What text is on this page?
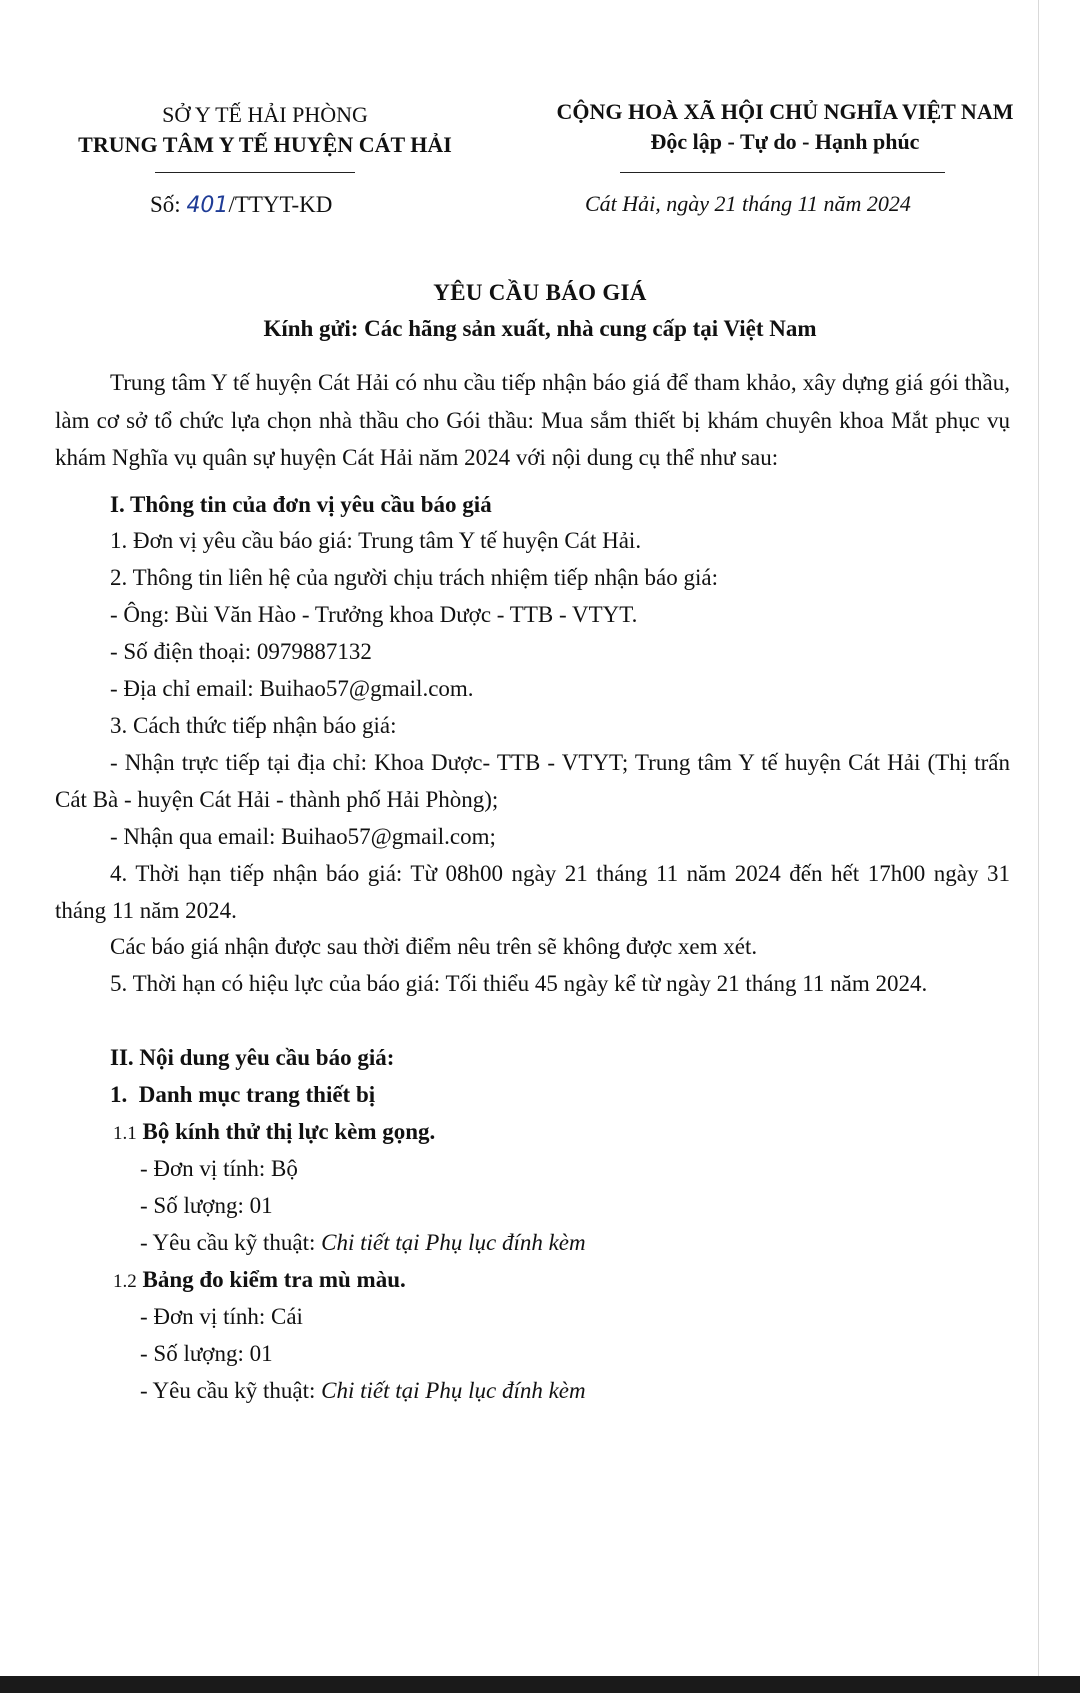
SỞ Y TẾ HẢI PHÒNG
TRUNG TÂM Y TẾ HUYỆN CÁT HẢI
CỘNG HOÀ XÃ HỘI CHỦ NGHĨA VIỆT NAM
Độc lập - Tự do - Hạnh phúc
Số: 401/TTYT-KD	Cát Hải, ngày 21 tháng 11 năm 2024
YÊU CẦU BÁO GIÁ
Kính gửi: Các hãng sản xuất, nhà cung cấp tại Việt Nam

Trung tâm Y tế huyện Cát Hải có nhu cầu tiếp nhận báo giá để tham khảo, xây dựng giá gói thầu, làm cơ sở tổ chức lựa chọn nhà thầu cho Gói thầu: Mua sắm thiết bị khám chuyên khoa Mắt phục vụ khám Nghĩa vụ quân sự huyện Cát Hải năm 2024 với nội dung cụ thể như sau:

I. Thông tin của đơn vị yêu cầu báo giá
1. Đơn vị yêu cầu báo giá: Trung tâm Y tế huyện Cát Hải.
2. Thông tin liên hệ của người chịu trách nhiệm tiếp nhận báo giá:
- Ông: Bùi Văn Hào - Trưởng khoa Dược - TTB - VTYT.
- Số điện thoại: 0979887132
- Địa chỉ email: Buihao57@gmail.com.
3. Cách thức tiếp nhận báo giá:

- Nhận trực tiếp tại địa chỉ: Khoa Dược- TTB - VTYT; Trung tâm Y tế huyện Cát Hải (Thị trấn Cát Bà - huyện Cát Hải - thành phố Hải Phòng);

- Nhận qua email: Buihao57@gmail.com;

4. Thời hạn tiếp nhận báo giá: Từ 08h00 ngày 21 tháng 11 năm 2024 đến hết 17h00 ngày 31 tháng 11 năm 2024.

Các báo giá nhận được sau thời điểm nêu trên sẽ không được xem xét.

5. Thời hạn có hiệu lực của báo giá: Tối thiểu 45 ngày kể từ ngày 21 tháng 11 năm 2024.

II. Nội dung yêu cầu báo giá:
1.  Danh mục trang thiết bị
1.1 Bộ kính thử thị lực kèm gọng.
- Đơn vị tính: Bộ
- Số lượng: 01
- Yêu cầu kỹ thuật: Chi tiết tại Phụ lục đính kèm
1.2 Bảng đo kiểm tra mù màu.
- Đơn vị tính: Cái
- Số lượng: 01
- Yêu cầu kỹ thuật: Chi tiết tại Phụ lục đính kèm
